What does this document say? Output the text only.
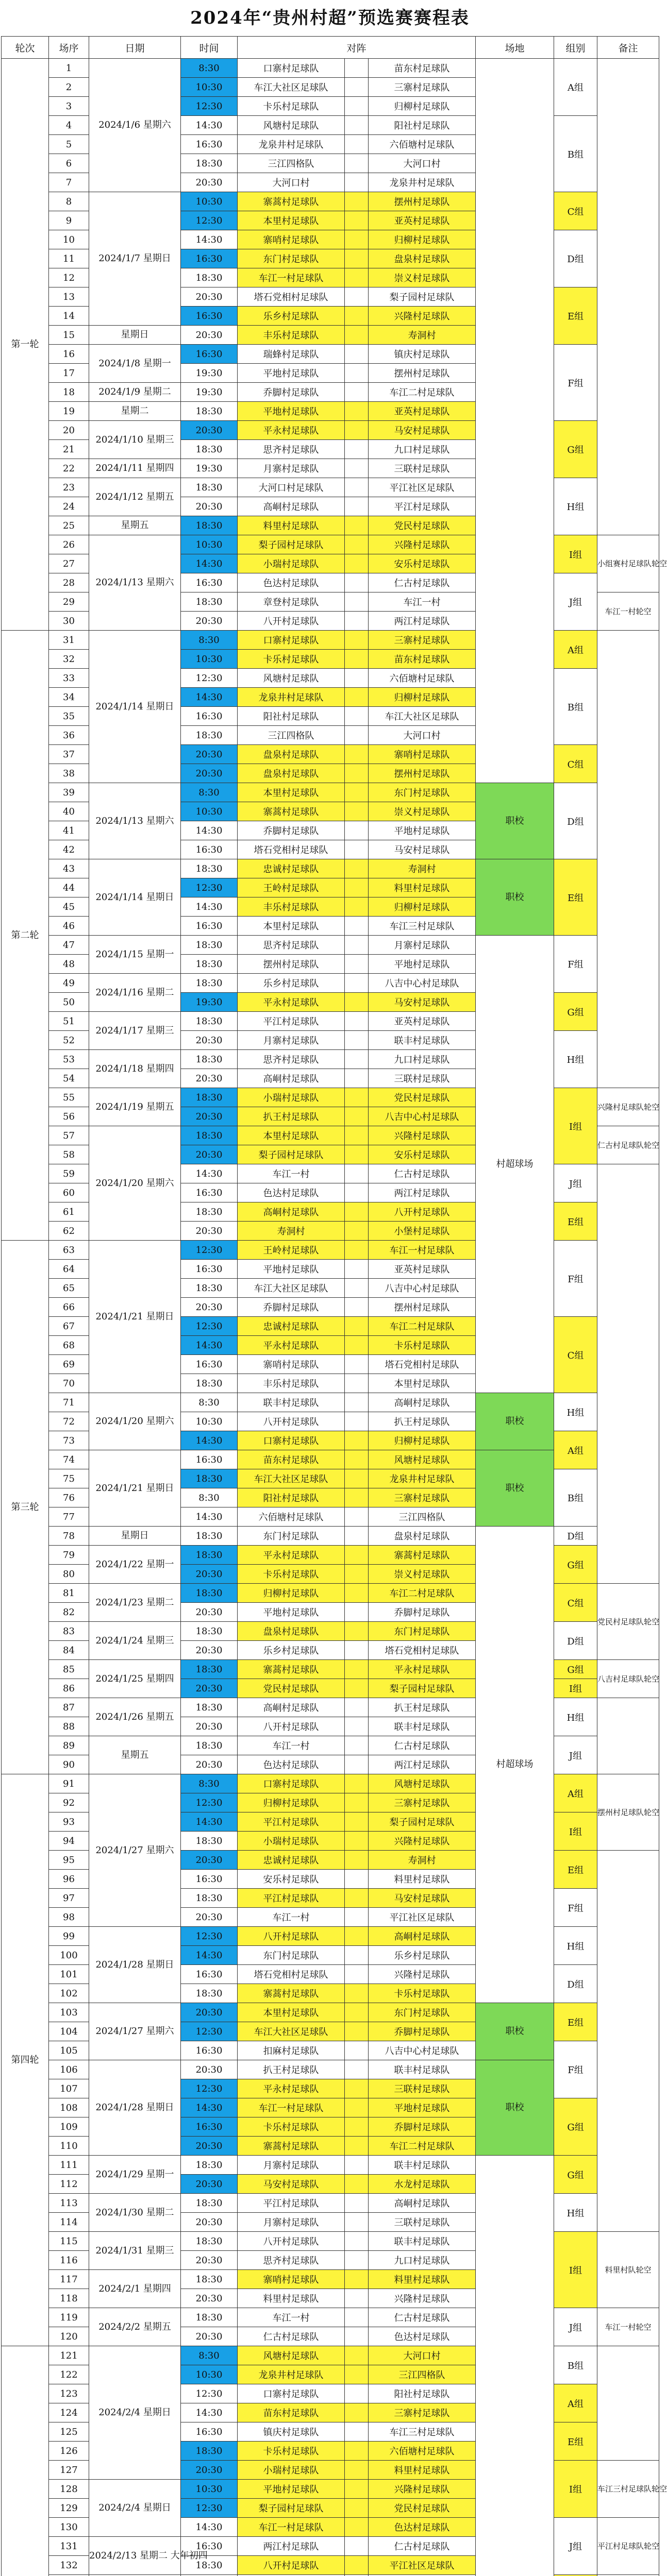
2024年“贵州村超”预选赛赛程表
轮次	场序	日期	时间	对阵			场地	组别	备注
第一轮	1	2024/1/6 星期六	8:30	口寨村足球队		苗东村足球队		A组	
	2		10:30	车江大社区足球队		三寨村足球队			
	3		12:30	卡乐村足球队		归柳村足球队			
	4		14:30	风塘村足球队		阳社村足球队		B组	
	5		16:30	龙泉井村足球队		六佰塘村足球队			
	6		18:30	三江四格队		大河口村			
	7		20:30	大河口村		龙泉井村足球队			
	8	2024/1/7 星期日	10:30	寨蒿村足球队		摆州村足球队		C组	
	9		12:30	本里村足球队		亚英村足球队			
	10		14:30	寨哨村足球队		归柳村足球队		D组	
	11		16:30	东门村足球队		盘泉村足球队			
	12		18:30	车江一村足球队		崇义村足球队			
	13		20:30	塔石党相村足球队		梨子园村足球队		E组	
	14		16:30	乐乡村足球队		兴隆村足球队			
	15	星期日	20:30	丰乐村足球队		寿洞村			
	16	2024/1/8 星期一	16:30	瑞蜂村足球队		镇庆村足球队		F组	
	17		19:30	平地村足球队		摆州村足球队			
	18	2024/1/9 星期二	19:30	乔脚村足球队		车江二村足球队			
	19	星期二	18:30	平地村足球队		亚英村足球队			
	20	2024/1/10 星期三	20:30	平永村足球队		马安村足球队		G组	
	21		18:30	思齐村足球队		九口村足球队			
	22	2024/1/11 星期四	19:30	月寨村足球队		三联村足球队			
	23	2024/1/12 星期五	18:30	大河口村足球队		平江社区足球队		H组	
	24		20:30	高峒村足球队		平江村足球队			
	25	星期五	18:30	料里村足球队		党民村足球队			
	26	2024/1/13 星期六	10:30	梨子园村足球队		兴隆村足球队		I组	小组赛村足球队轮空
	27		14:30	小瑞村足球队		安乐村足球队			
	28		16:30	色达村足球队		仁古村足球队		J组	
	29		18:30	章登村足球队		车江一村			车江一村轮空
	30		20:30	八开村足球队		两江村足球队			
第二轮	31	2024/1/14 星期日	8:30	口寨村足球队		三寨村足球队		A组	
	32		10:30	卡乐村足球队		苗东村足球队			
	33		12:30	风塘村足球队		六佰塘村足球队		B组	
	34		14:30	龙泉井村足球队		归柳村足球队			
	35		16:30	阳社村足球队		车江大社区足球队			
	36		18:30	三江四格队		大河口村			
	37		20:30	盘泉村足球队		寨哨村足球队		C组	
	38		20:30	盘泉村足球队		摆州村足球队			
	39	2024/1/13 星期六	8:30	本里村足球队		东门村足球队	职校	D组	
	40		10:30	寨蒿村足球队		崇义村足球队			
	41		14:30	乔脚村足球队		平地村足球队			
	42		16:30	塔石党相村足球队		马安村足球队			
	43	2024/1/14 星期日	18:30	忠诚村足球队		寿洞村	职校	E组	
	44		12:30	王岭村足球队		料里村足球队			
	45		14:30	丰乐村足球队		归柳村足球队			
	46		16:30	本里村足球队		车江三村足球队			
	47	2024/1/15 星期一	18:30	思齐村足球队		月寨村足球队	村超球场	F组	
	48		18:30	摆州村足球队		平地村足球队			
	49	2024/1/16 星期二	18:30	乐乡村足球队		八吉中心村足球队			
	50		19:30	平永村足球队		马安村足球队		G组	
	51	2024/1/17 星期三	18:30	平江村足球队		亚英村足球队			
	52		20:30	月寨村足球队		联丰村足球队		H组	
	53	2024/1/18 星期四	18:30	思齐村足球队		九口村足球队			
	54		20:30	高峒村足球队		三联村足球队			
	55	2024/1/19 星期五	18:30	小瑞村足球队		党民村足球队		I组	兴隆村足球队轮空
	56		20:30	扒王村足球队		八吉中心村足球队			
	57	2024/1/20 星期六	18:30	本里村足球队		兴隆村足球队			仁古村足球队轮空
	58		20:30	梨子园村足球队		安乐村足球队			
	59		14:30	车江一村		仁古村足球队		J组	
	60		16:30	色达村足球队		两江村足球队			
	61		18:30	高峒村足球队		八开村足球队		E组	
	62		20:30	寿洞村		小堡村足球队			
第三轮	63	2024/1/21 星期日	12:30	王岭村足球队		车江一村足球队		F组	
	64		16:30	平地村足球队		亚英村足球队			
	65		18:30	车江大社区足球队		八吉中心村足球队			
	66		20:30	乔脚村足球队		摆州村足球队			
	67		12:30	忠诚村足球队		车江二村足球队		C组	
	68		14:30	平永村足球队		卡乐村足球队			
	69		16:30	寨哨村足球队		塔石党相村足球队			
	70		18:30	丰乐村足球队		本里村足球队			
	71	2024/1/20 星期六	8:30	联丰村足球队		高峒村足球队	职校	H组	
	72		10:30	八开村足球队		扒王村足球队			
	73		14:30	口寨村足球队		归柳村足球队		A组	
	74	2024/1/21 星期日	16:30	苗东村足球队		风塘村足球队	职校		
	75		18:30	车江大社区足球队		龙泉井村足球队		B组	
	76		8:30	阳社村足球队		三寨村足球队			
	77		14:30	六佰塘村足球队		三江四格队			
	78	星期日	18:30	东门村足球队		盘泉村足球队	村超球场	D组	
	79	2024/1/22 星期一	18:30	平永村足球队		寨蒿村足球队		G组	
	80		20:30	卡乐村足球队		崇义村足球队			
	81	2024/1/23 星期二	18:30	归柳村足球队		车江二村足球队		C组	党民村足球队轮空
	82		20:30	平地村足球队		乔脚村足球队			
	83	2024/1/24 星期三	18:30	盘泉村足球队		东门村足球队		D组	
	84		20:30	乐乡村足球队		塔石党相村足球队			
	85	2024/1/25 星期四	18:30	寨蒿村足球队		平永村足球队		G组	八吉村足球队轮空
	86		20:30	党民村足球队		梨子园村足球队		I组	
	87	2024/1/26 星期五	18:30	高峒村足球队		扒王村足球队		H组	
	88		20:30	八开村足球队		联丰村足球队			
	89	星期五	18:30	车江一村		仁古村足球队		J组	
	90		20:30	色达村足球队		两江村足球队			
第四轮	91	2024/1/27 星期六	8:30	口寨村足球队		风塘村足球队		A组	摆州村足球队轮空
	92		12:30	归柳村足球队		三寨村足球队			
	93		14:30	平江村足球队		梨子园村足球队		I组	
	94		18:30	小瑞村足球队		兴隆村足球队			
	95		20:30	忠诚村足球队		寿洞村		E组	
	96		16:30	安乐村足球队		料里村足球队			
	97		18:30	平江村足球队		马安村足球队		F组	
	98		20:30	车江一村		平江社区足球队			
	99	2024/1/28 星期日	12:30	八开村足球队		高峒村足球队		H组	
	100		14:30	东门村足球队		乐乡村足球队			
	101		16:30	塔石党相村足球队		兴隆村足球队		D组	
	102		18:30	寨蒿村足球队		卡乐村足球队			
	103	2024/1/27 星期六	20:30	本里村足球队		东门村足球队	职校	E组	
	104		12:30	车江大社区足球队		乔脚村足球队			
	105		16:30	扣麻村足球队		八吉中心村足球队		F组	
	106	2024/1/28 星期日	20:30	扒王村足球队		联丰村足球队	职校		
	107		12:30	平永村足球队		三联村足球队			
	108		14:30	车江一村足球队		平地村足球队		G组	
	109		16:30	卡乐村足球队		乔脚村足球队			
	110		20:30	寨蒿村足球队		车江二村足球队			
	111	2024/1/29 星期一	18:30	月寨村足球队		联丰村足球队		G组	
	112		20:30	马安村足球队		水龙村足球队			
	113	2024/1/30 星期二	18:30	平江村足球队		高峒村足球队		H组	
	114		20:30	月寨村足球队		三联村足球队			
	115	2024/1/31 星期三	18:30	八开村足球队		联丰村足球队		I组	料里村队轮空
	116		20:30	思齐村足球队		九口村足球队			
	117	2024/2/1 星期四	18:30	寨哨村足球队		料里村足球队			
	118		20:30	料里村足球队		兴隆村足球队			
	119	2024/2/2 星期五	18:30	车江一村		仁古村足球队		J组	车江一村轮空
	120		20:30	仁古村足球队		色达村足球队			
	121	2024/2/4 星期日	8:30	风塘村足球队		大河口村		B组	
	122		10:30	龙泉井村足球队		三江四格队			
	123		12:30	口寨村足球队		阳社村足球队		A组	
	124		14:30	苗东村足球队		三寨村足球队			
	125		16:30	镇庆村足球队		车江三村足球队		E组	
	126		18:30	卡乐村足球队		六佰塘村足球队			
	127		20:30	小瑞村足球队		料里村足球队		I组	车江三村足球队轮空
	128	2024/2/4 星期日	10:30	平地村足球队		兴隆村足球队			
	129		12:30	梨子园村足球队		党民村足球队			
	130		14:30	车江一村足球队		色达村足球队		J组	平江村足球队轮空
	131	2024/2/13 星期二 大年初四	16:30	两江村足球队		仁古村足球队			
	132		18:30	八开村足球队		平江社区足球队			
